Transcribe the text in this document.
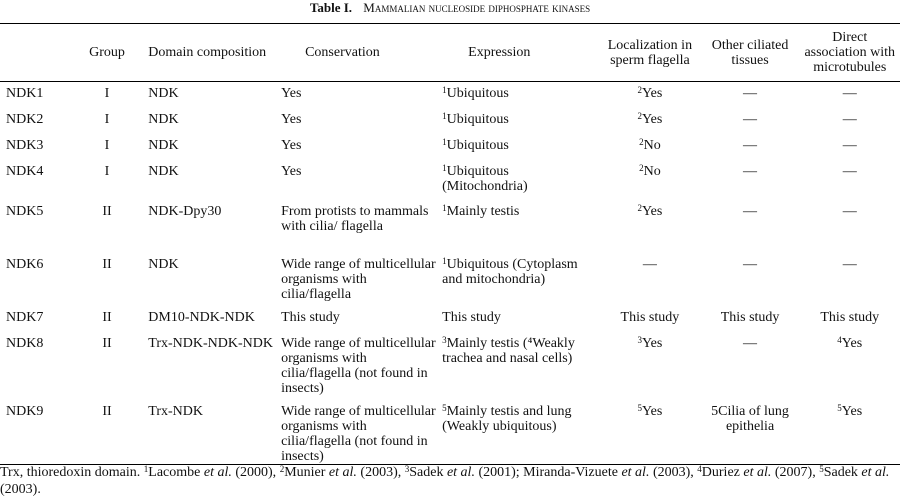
Table I. Mammalian nucleoside diphosphate kinases
	Group	Domain composition	Conservation	Expression	Localization in sperm flagella	Other ciliated tissues	Direct association with microtubules
NDK1	I	NDK	Yes	$^1$Ubiquitous	$^2$Yes	—	—
NDK2	I	NDK	Yes	$^1$Ubiquitous	$^2$Yes	—	—
NDK3	I	NDK	Yes	$^1$Ubiquitous	$^2$No	—	—
NDK4	I	NDK	Yes	$^1$Ubiquitous (Mitochondria)	$^2$No	—	—
NDK5	II	NDK-Dpy30	From protists to mammals with cilia/ flagella	$^1$Mainly testis	$^2$Yes	—	—
NDK6	II	NDK	Wide range of multicellular organisms with cilia/flagella	$^1$Ubiquitous (Cytoplasm and mitochondria)	—	—	—
NDK7	II	DM10-NDK-NDK	This study	This study	This study	This study	This study
NDK8	II	Trx-NDK-NDK-NDK	Wide range of multicellular organisms with cilia/flagella (not found in insects)	$^3$Mainly testis (⁴Weakly trachea and nasal cells)	$^3$Yes	—	$^4$Yes
NDK9	II	Trx-NDK	Wide range of multicellular organisms with cilia/flagella (not found in insects)	$^5$Mainly testis and lung (Weakly ubiquitous)	$^5$Yes	5Cilia of lung epithelia	$^5$Yes
Trx, thioredoxin domain. $^1$Lacombe et al. (2000), $^2$Munier et al. (2003), $^3$Sadek et al. (2001); Miranda-Vizuete et al. (2003), $^4$Duriez et al. (2007), $^5$Sadek et al. (2003).
